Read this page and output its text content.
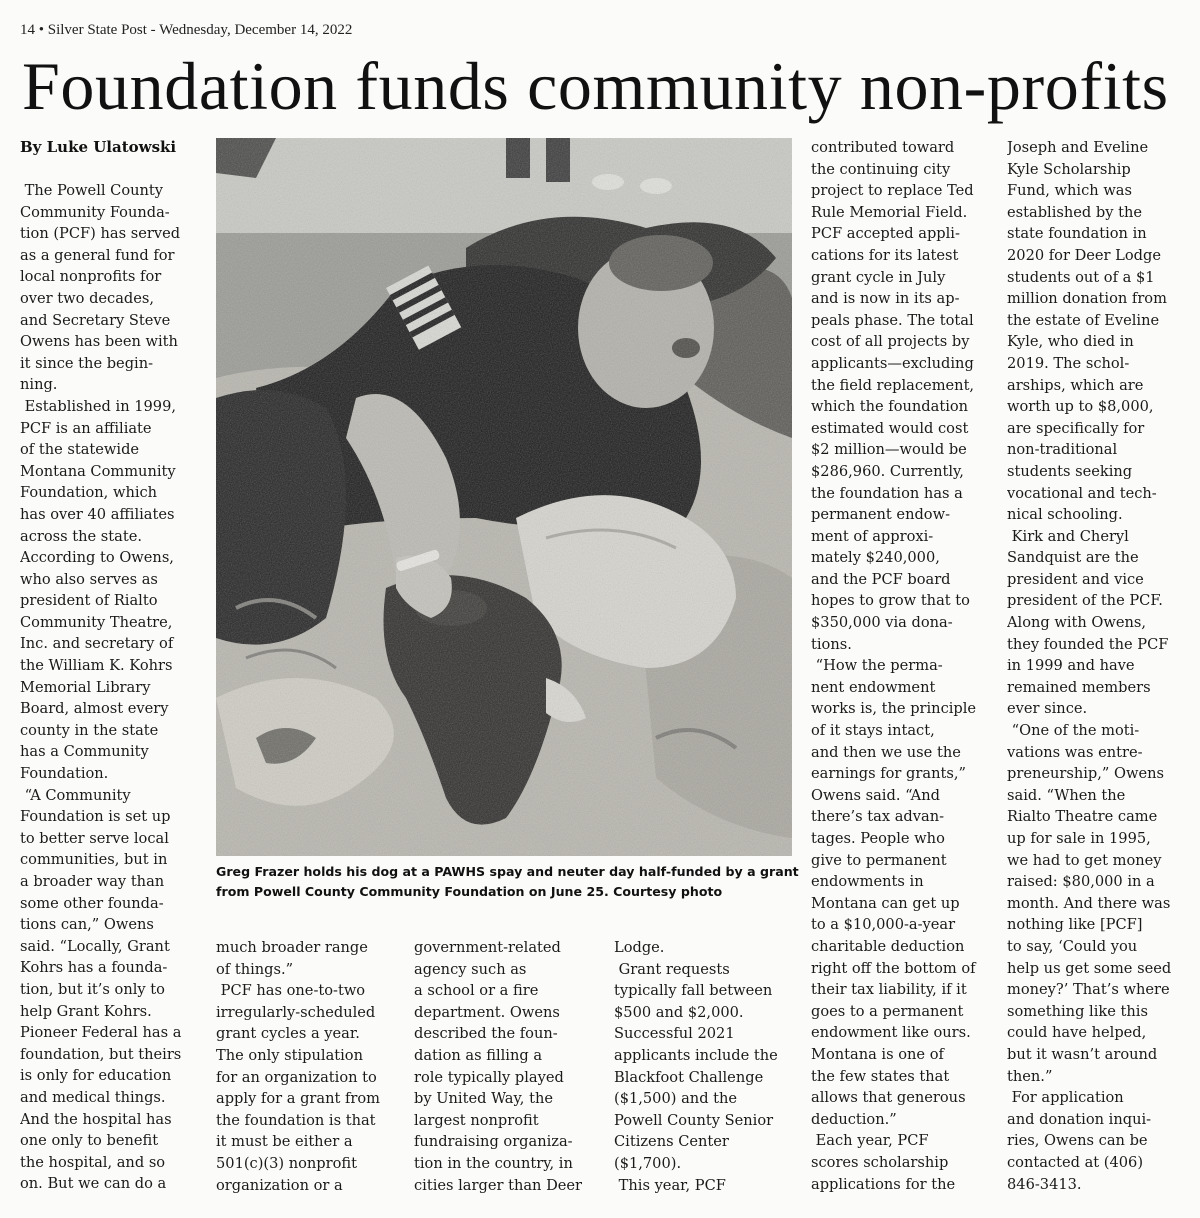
14 • Silver State Post - Wednesday, December 14, 2022
Foundation funds community non-profits
By Luke Ulatowski
The Powell County
Community Founda-
tion (PCF) has served
as a general fund for
local nonprofits for
over two decades,
and Secretary Steve
Owens has been with
it since the begin-
ning.
Established in 1999,
PCF is an affiliate
of the statewide
Montana Community
Foundation, which
has over 40 affiliates
across the state.
According to Owens,
who also serves as
president of Rialto
Community Theatre,
Inc. and secretary of
the William K. Kohrs
Memorial Library
Board, almost every
county in the state
has a Community
Foundation.
“A Community
Foundation is set up
to better serve local
communities, but in
a broader way than
some other founda-
tions can,” Owens
said. “Locally, Grant
Kohrs has a founda-
tion, but it’s only to
help Grant Kohrs.
Pioneer Federal has a
foundation, but theirs
is only for education
and medical things.
And the hospital has
one only to benefit
the hospital, and so
on. But we can do a
Greg Frazer holds his dog at a PAWHS spay and neuter day half-funded by a grant
from Powell County Community Foundation on June 25. Courtesy photo
much broader range
of things.”
PCF has one-to-two
irregularly-scheduled
grant cycles a year.
The only stipulation
for an organization to
apply for a grant from
the foundation is that
it must be either a
501(c)(3) nonprofit
organization or a
government-related
agency such as
a school or a fire
department. Owens
described the foun-
dation as filling a
role typically played
by United Way, the
largest nonprofit
fundraising organiza-
tion in the country, in
cities larger than Deer
Lodge.
Grant requests
typically fall between
$500 and $2,000.
Successful 2021
applicants include the
Blackfoot Challenge
($1,500) and the
Powell County Senior
Citizens Center
($1,700).
This year, PCF
contributed toward
the continuing city
project to replace Ted
Rule Memorial Field.
PCF accepted appli-
cations for its latest
grant cycle in July
and is now in its ap-
peals phase. The total
cost of all projects by
applicants—excluding
the field replacement,
which the foundation
estimated would cost
$2 million—would be
$286,960. Currently,
the foundation has a
permanent endow-
ment of approxi-
mately $240,000,
and the PCF board
hopes to grow that to
$350,000 via dona-
tions.
“How the perma-
nent endowment
works is, the principle
of it stays intact,
and then we use the
earnings for grants,”
Owens said. “And
there’s tax advan-
tages. People who
give to permanent
endowments in
Montana can get up
to a $10,000-a-year
charitable deduction
right off the bottom of
their tax liability, if it
goes to a permanent
endowment like ours.
Montana is one of
the few states that
allows that generous
deduction.”
Each year, PCF
scores scholarship
applications for the
Joseph and Eveline
Kyle Scholarship
Fund, which was
established by the
state foundation in
2020 for Deer Lodge
students out of a $1
million donation from
the estate of Eveline
Kyle, who died in
2019. The schol-
arships, which are
worth up to $8,000,
are specifically for
non-traditional
students seeking
vocational and tech-
nical schooling.
Kirk and Cheryl
Sandquist are the
president and vice
president of the PCF.
Along with Owens,
they founded the PCF
in 1999 and have
remained members
ever since.
“One of the moti-
vations was entre-
preneurship,” Owens
said. “When the
Rialto Theatre came
up for sale in 1995,
we had to get money
raised: $80,000 in a
month. And there was
nothing like [PCF]
to say, ‘Could you
help us get some seed
money?’ That’s where
something like this
could have helped,
but it wasn’t around
then.”
For application
and donation inqui-
ries, Owens can be
contacted at (406)
846-3413.
